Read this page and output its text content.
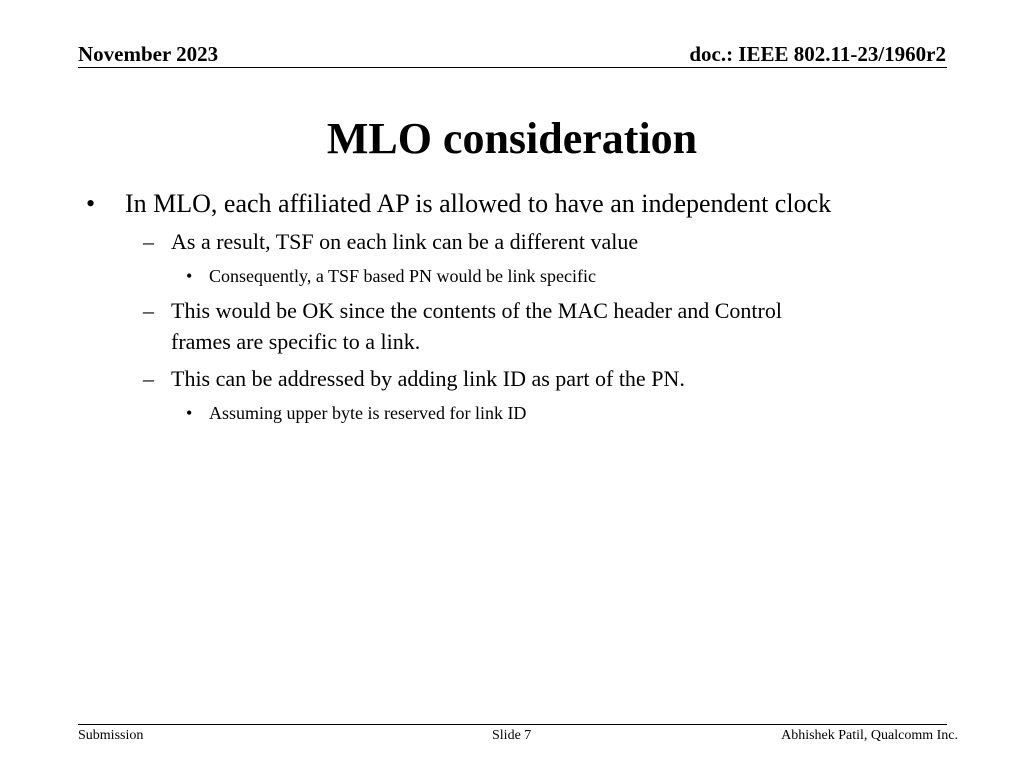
November 2023	doc.: IEEE 802.11-23/1960r2
MLO consideration
• In MLO, each affiliated AP is allowed to have an independent clock
– As a result, TSF on each link can be a different value
• Consequently, a TSF based PN would be link specific
– This would be OK since the contents of the MAC header and Control
frames are specific to a link.
– This can be addressed by adding link ID as part of the PN.
• Assuming upper byte is reserved for link ID
Submission	Slide 7	Abhishek Patil, Qualcomm Inc.
